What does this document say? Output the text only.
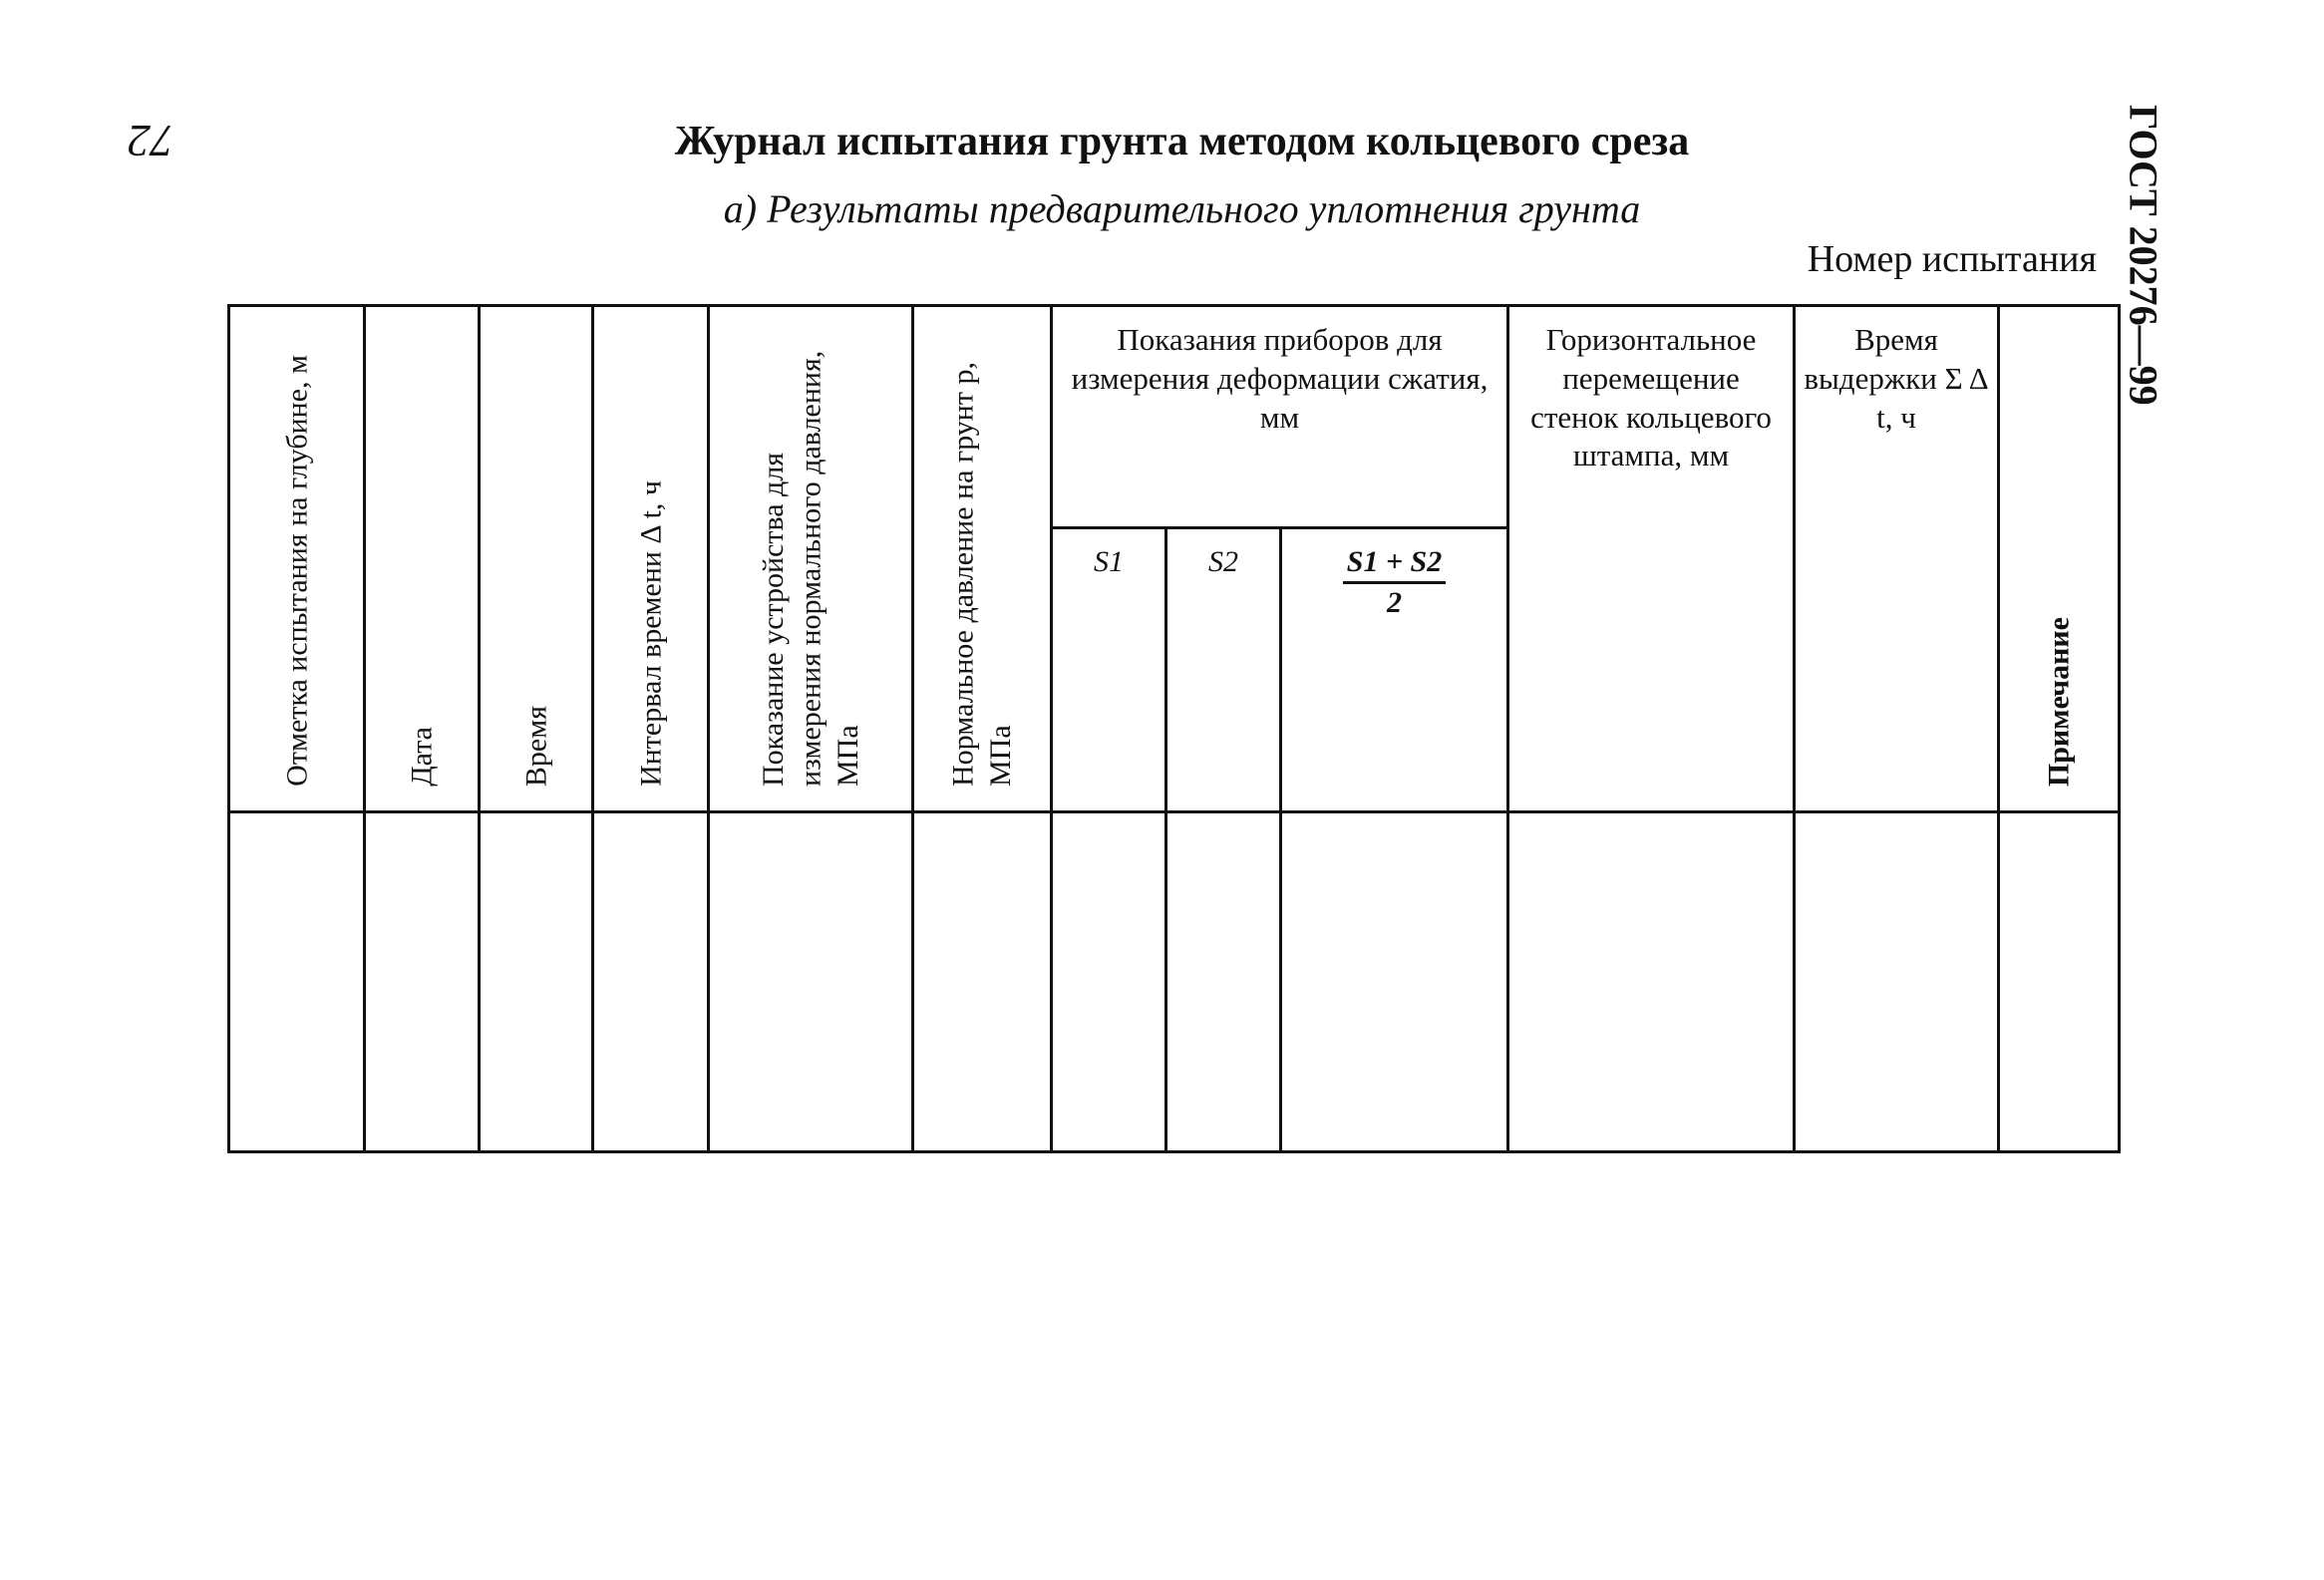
72	ГОСТ 20276—99
Журнал испытания грунта методом кольцевого среза
а) Результаты предварительного уплотнения грунта
Номер испытания
Отметка испытания на глубине, м	Дата	Время	Интервал времени Δ t, ч	Показание устройства для измерения нормального давления, МПа	Нормальное давление на грунт p, МПа	Показания приборов для измерения деформации сжатия, мм			Горизонтальное перемещение стенок кольцевого штампа, мм	Время выдержки Σ Δ t, ч	Примечание

						S1	S2	$\frac{S1 + S2}{2}$
